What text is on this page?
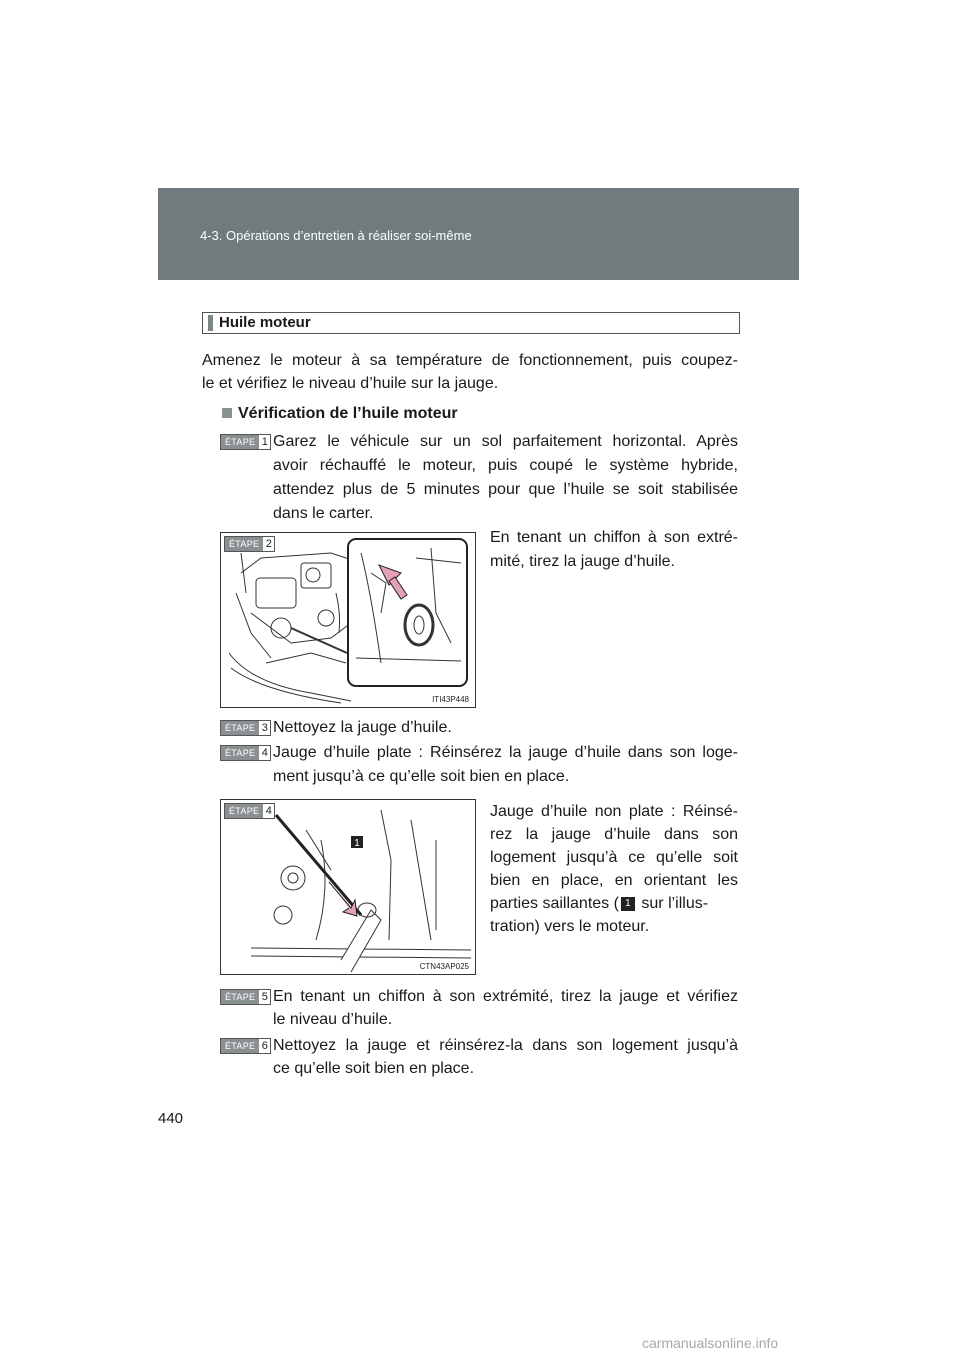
4-3. Opérations d’entretien à réaliser soi-même
Huile moteur
Amenez le moteur à sa température de fonctionnement, puis coupez-
le et vérifiez le niveau d’huile sur la jauge.
Vérification de l’huile moteur
ÉTAPE 1 Garez le véhicule sur un sol parfaitement horizontal. Après
avoir réchauffé le moteur, puis coupé le système hybride,
attendez plus de 5 minutes pour que l’huile se soit stabilisée
dans le carter.
ÉTAPE 2
ITI43P448
En tenant un chiffon à son extré-
mité, tirez la jauge d’huile.
ÉTAPE 3 Nettoyez la jauge d’huile.
ÉTAPE 4 Jauge d’huile plate : Réinsérez la jauge d’huile dans son loge-
ment jusqu’à ce qu’elle soit bien en place.
ÉTAPE 4
1
CTN43AP025
Jauge d’huile non plate : Réinsé-
rez la jauge d’huile dans son
logement jusqu’à ce qu’elle soit
bien en place, en orientant les
parties saillantes ( 1 sur l’illus-
tration) vers le moteur.
ÉTAPE 5 En tenant un chiffon à son extrémité, tirez la jauge et vérifiez
le niveau d’huile.
ÉTAPE 6 Nettoyez la jauge et réinsérez-la dans son logement jusqu’à
ce qu’elle soit bien en place.
440
carmanualsonline.info
